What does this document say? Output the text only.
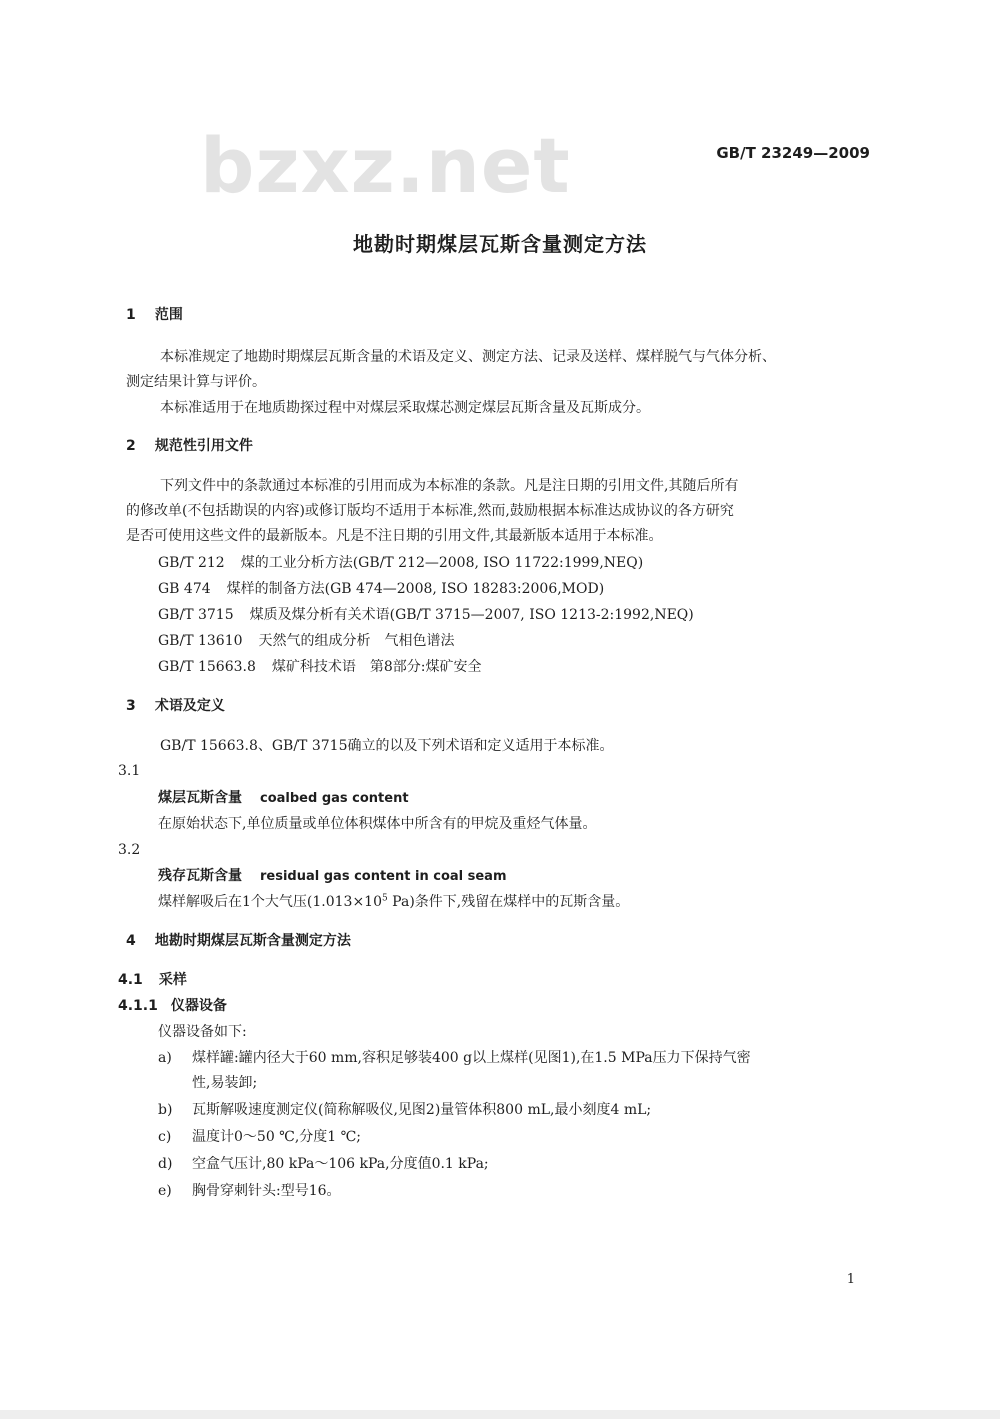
bzxz.net	GB/T 23249—2009
地勘时期煤层瓦斯含量测定方法
1 范围
本标准规定了地勘时期煤层瓦斯含量的术语及定义、测定方法、记录及送样、煤样脱气与气体分析、
测定结果计算与评价。
本标准适用于在地质勘探过程中对煤层采取煤芯测定煤层瓦斯含量及瓦斯成分。
2 规范性引用文件
下列文件中的条款通过本标准的引用而成为本标准的条款。凡是注日期的引用文件,其随后所有
的修改单(不包括勘误的内容)或修订版均不适用于本标准,然而,鼓励根据本标准达成协议的各方研究
是否可使用这些文件的最新版本。凡是不注日期的引用文件,其最新版本适用于本标准。
GB/T 212 煤的工业分析方法(GB/T 212—2008, ISO 11722:1999,NEQ)
GB 474 煤样的制备方法(GB 474—2008, ISO 18283:2006,MOD)
GB/T 3715 煤质及煤分析有关术语(GB/T 3715—2007, ISO 1213-2:1992,NEQ)
GB/T 13610 天然气的组成分析　气相色谱法
GB/T 15663.8 煤矿科技术语　第8部分:煤矿安全
3 术语及定义
GB/T 15663.8、GB/T 3715确立的以及下列术语和定义适用于本标准。
3.1
煤层瓦斯含量 coalbed gas content
在原始状态下,单位质量或单位体积煤体中所含有的甲烷及重烃气体量。
3.2
残存瓦斯含量 residual gas content in coal seam
煤样解吸后在1个大气压($1.013\times 10^5$ Pa)条件下,残留在煤样中的瓦斯含量。
4 地勘时期煤层瓦斯含量测定方法
4.1 采样
4.1.1 仪器设备
仪器设备如下:
a) 煤样罐:罐内径大于60 mm,容积足够装400 g以上煤样(见图1),在1.5 MPa压力下保持气密
性,易装卸;
b) 瓦斯解吸速度测定仪(简称解吸仪,见图2)量管体积800 mL,最小刻度4 mL;
c) 温度计0～50 ℃,分度1 ℃;
d) 空盒气压计,80 kPa～106 kPa,分度值0.1 kPa;
e) 胸骨穿刺针头:型号16。
1
